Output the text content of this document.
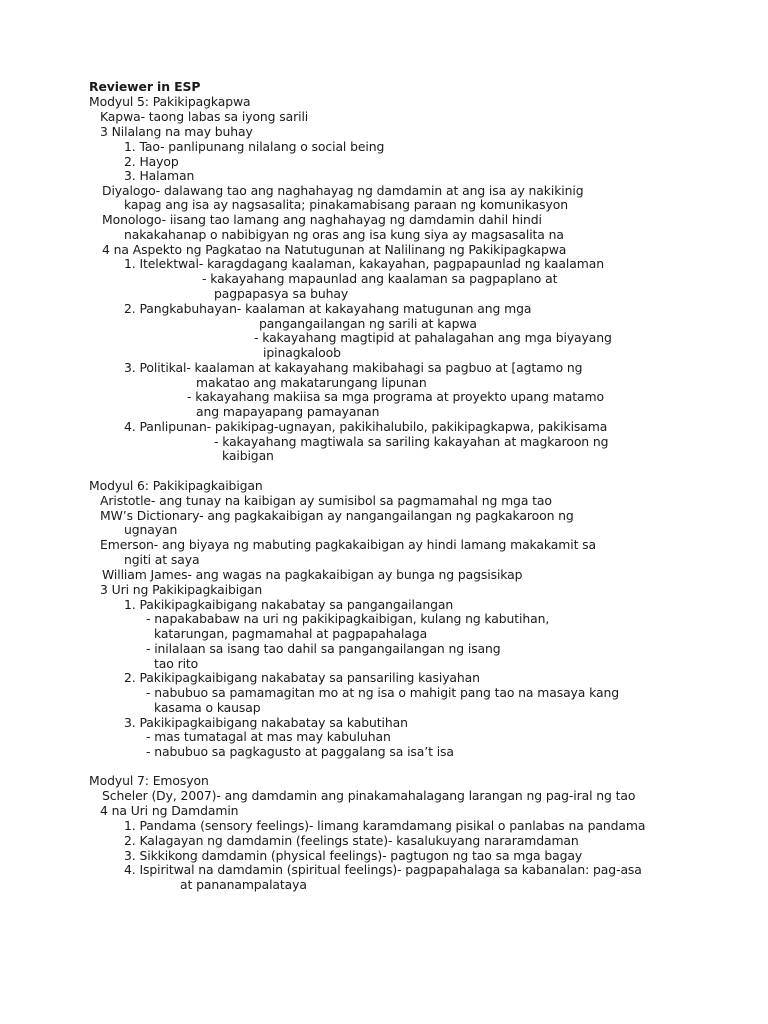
Reviewer in ESP
Modyul 5: Pakikipagkapwa
Kapwa- taong labas sa iyong sarili
3 Nilalang na may buhay
1. Tao- panlipunang nilalang o social being
2. Hayop
3. Halaman
Diyalogo- dalawang tao ang naghahayag ng damdamin at ang isa ay nakikinig
kapag ang isa ay nagsasalita; pinakamabisang paraan ng komunikasyon
Monologo- iisang tao lamang ang naghahayag ng damdamin dahil hindi
nakakahanap o nabibigyan ng oras ang isa kung siya ay magsasalita na
4 na Aspekto ng Pagkatao na Natutugunan at Nalilinang ng Pakikipagkapwa
1. Itelektwal- karagdagang kaalaman, kakayahan, pagpapaunlad ng kaalaman
- kakayahang mapaunlad ang kaalaman sa pagpaplano at
pagpapasya sa buhay
2. Pangkabuhayan- kaalaman at kakayahang matugunan ang mga
pangangailangan ng sarili at kapwa
- kakayahang magtipid at pahalagahan ang mga biyayang
ipinagkaloob
3. Politikal- kaalaman at kakayahang makibahagi sa pagbuo at [agtamo ng
makatao ang makatarungang lipunan
- kakayahang makiisa sa mga programa at proyekto upang matamo
ang mapayapang pamayanan
4. Panlipunan- pakikipag-ugnayan, pakikihalubilo, pakikipagkapwa, pakikisama
- kakayahang magtiwala sa sariling kakayahan at magkaroon ng
kaibigan
Modyul 6: Pakikipagkaibigan
Aristotle- ang tunay na kaibigan ay sumisibol sa pagmamahal ng mga tao
MW’s Dictionary- ang pagkakaibigan ay nangangailangan ng pagkakaroon ng
ugnayan
Emerson- ang biyaya ng mabuting pagkakaibigan ay hindi lamang makakamit sa
ngiti at saya
William James- ang wagas na pagkakaibigan ay bunga ng pagsisikap
3 Uri ng Pakikipagkaibigan
1. Pakikipagkaibigang nakabatay sa pangangailangan
- napakababaw na uri ng pakikipagkaibigan, kulang ng kabutihan,
katarungan, pagmamahal at pagpapahalaga
- inilalaan sa isang tao dahil sa pangangailangan ng isang
tao rito
2. Pakikipagkaibigang nakabatay sa pansariling kasiyahan
- nabubuo sa pamamagitan mo at ng isa o mahigit pang tao na masaya kang
kasama o kausap
3. Pakikipagkaibigang nakabatay sa kabutihan
- mas tumatagal at mas may kabuluhan
- nabubuo sa pagkagusto at paggalang sa isa’t isa
Modyul 7: Emosyon
Scheler (Dy, 2007)- ang damdamin ang pinakamahalagang larangan ng pag-iral ng tao
4 na Uri ng Damdamin
1. Pandama (sensory feelings)- limang karamdamang pisikal o panlabas na pandama
2. Kalagayan ng damdamin (feelings state)- kasalukuyang nararamdaman
3. Sikkikong damdamin (physical feelings)- pagtugon ng tao sa mga bagay
4. Ispiritwal na damdamin (spiritual feelings)- pagpapahalaga sa kabanalan: pag-asa
at pananampalataya
